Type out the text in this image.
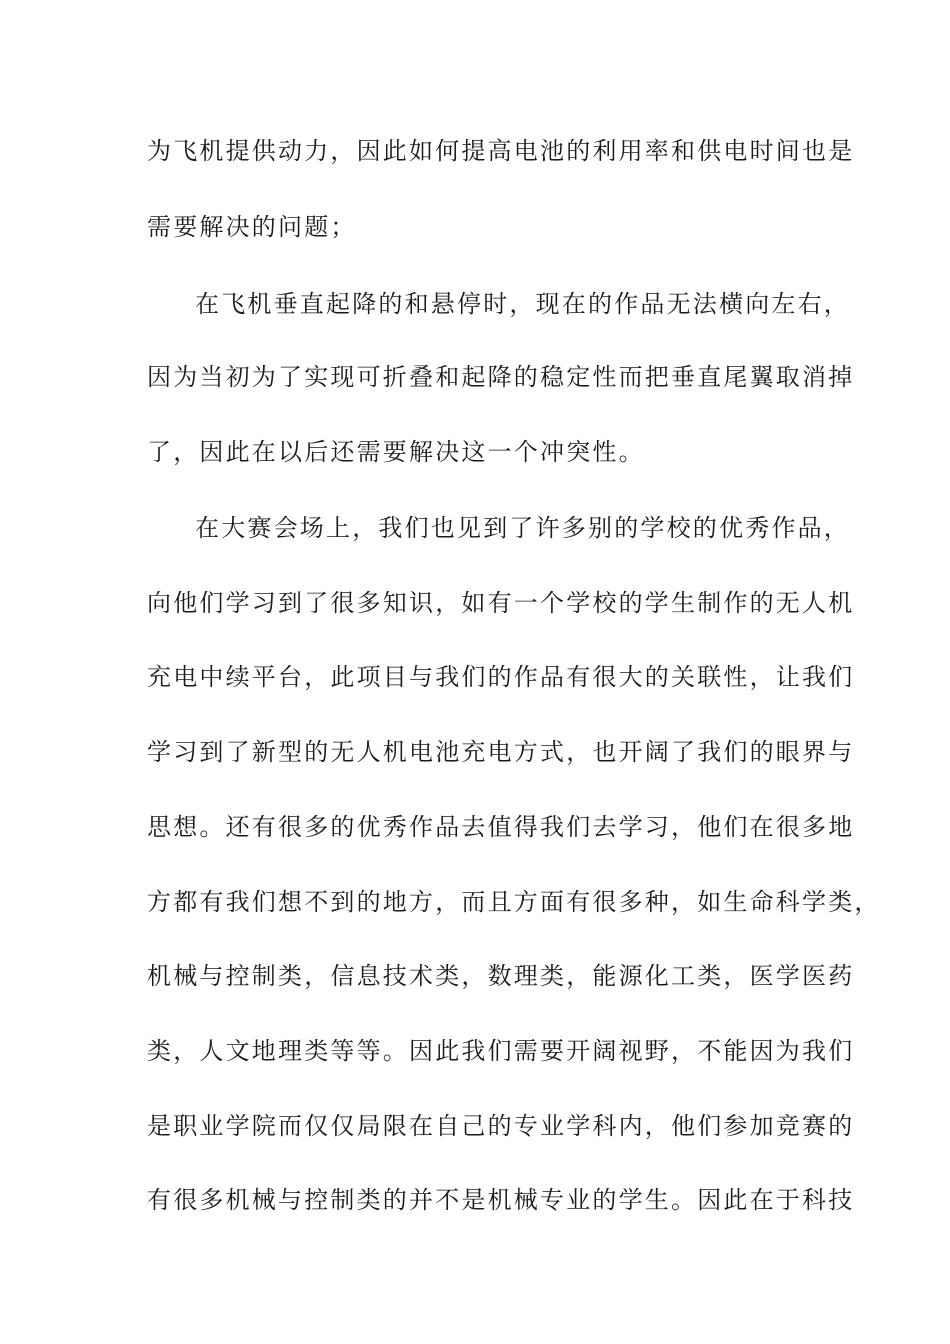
为飞机提供动力，因此如何提高电池的利用率和供电时间也是
需要解决的问题；
在飞机垂直起降的和悬停时，现在的作品无法横向左右，
因为当初为了实现可折叠和起降的稳定性而把垂直尾翼取消掉
了，因此在以后还需要解决这一个冲突性。
在大赛会场上，我们也见到了许多别的学校的优秀作品，
向他们学习到了很多知识，如有一个学校的学生制作的无人机
充电中续平台，此项目与我们的作品有很大的关联性，让我们
学习到了新型的无人机电池充电方式，也开阔了我们的眼界与
思想。还有很多的优秀作品去值得我们去学习，他们在很多地
方都有我们想不到的地方，而且方面有很多种，如生命科学类，
机械与控制类，信息技术类，数理类，能源化工类，医学医药
类，人文地理类等等。因此我们需要开阔视野，不能因为我们
是职业学院而仅仅局限在自己的专业学科内，他们参加竞赛的
有很多机械与控制类的并不是机械专业的学生。因此在于科技
